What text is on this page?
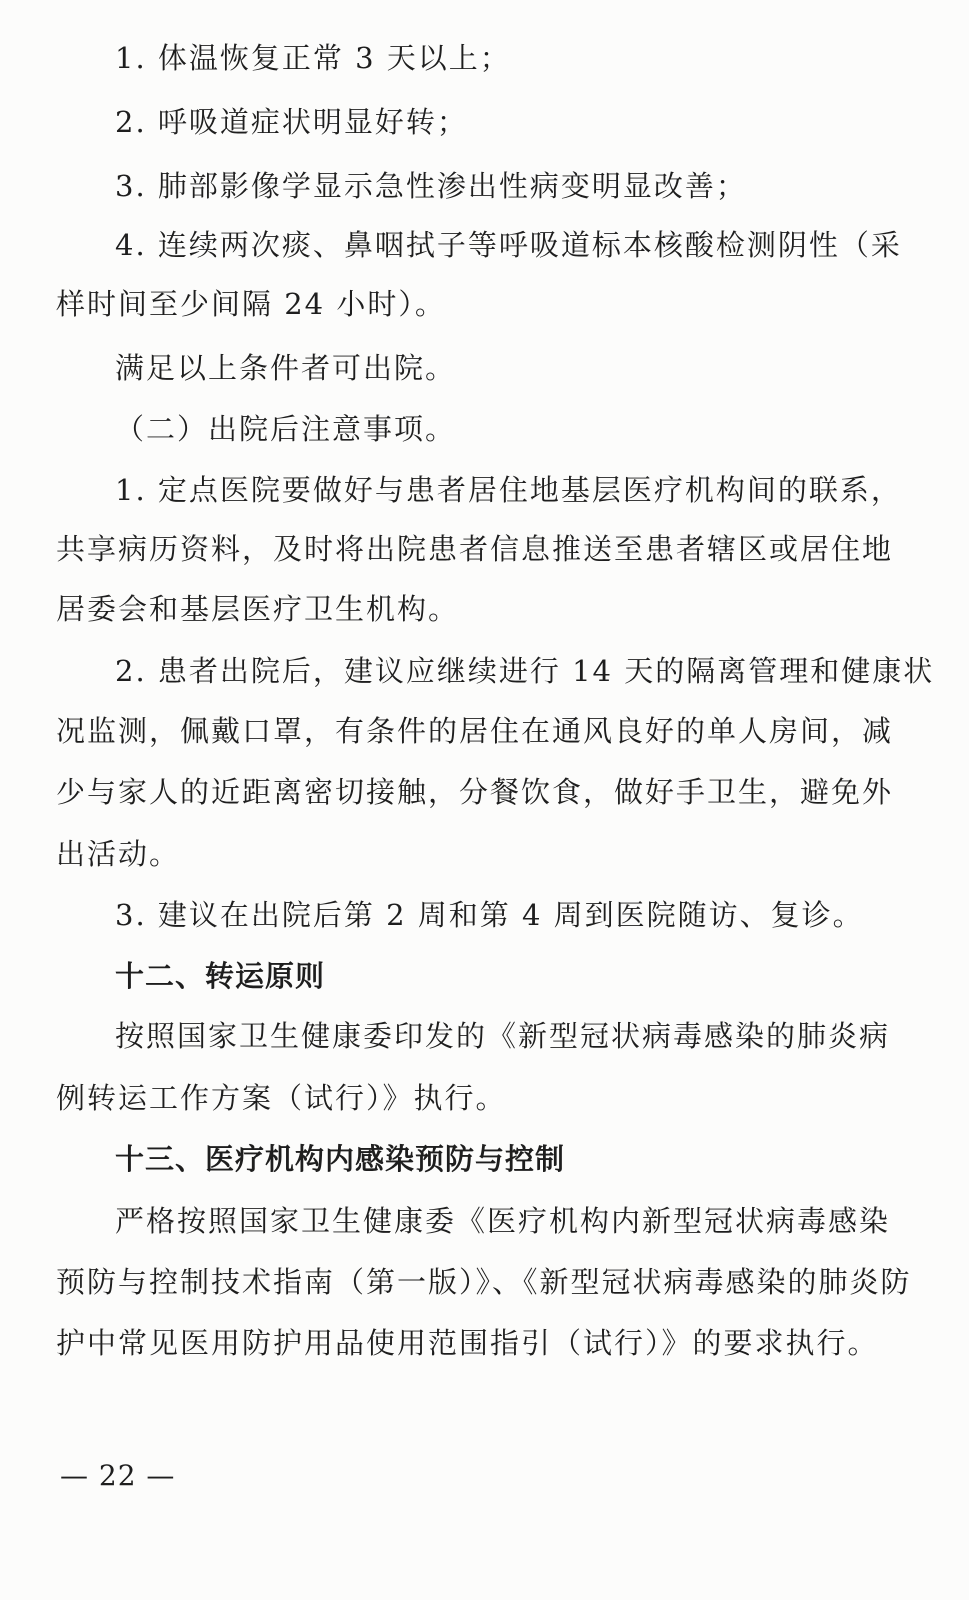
1. 体温恢复正常 3 天以上；
2. 呼吸道症状明显好转；
3. 肺部影像学显示急性渗出性病变明显改善；
4. 连续两次痰、鼻咽拭子等呼吸道标本核酸检测阴性（采
样时间至少间隔 24 小时）。
满足以上条件者可出院。
（二）出院后注意事项。
1. 定点医院要做好与患者居住地基层医疗机构间的联系，
共享病历资料，及时将出院患者信息推送至患者辖区或居住地
居委会和基层医疗卫生机构。
2. 患者出院后，建议应继续进行 14 天的隔离管理和健康状
况监测，佩戴口罩，有条件的居住在通风良好的单人房间，减
少与家人的近距离密切接触，分餐饮食，做好手卫生，避免外
出活动。
3. 建议在出院后第 2 周和第 4 周到医院随访、复诊。
十二、转运原则
按照国家卫生健康委印发的《新型冠状病毒感染的肺炎病
例转运工作方案（试行）》执行。
十三、医疗机构内感染预防与控制
严格按照国家卫生健康委《医疗机构内新型冠状病毒感染
预防与控制技术指南（第一版）》、《新型冠状病毒感染的肺炎防
护中常见医用防护用品使用范围指引（试行）》的要求执行。
— 22 —
